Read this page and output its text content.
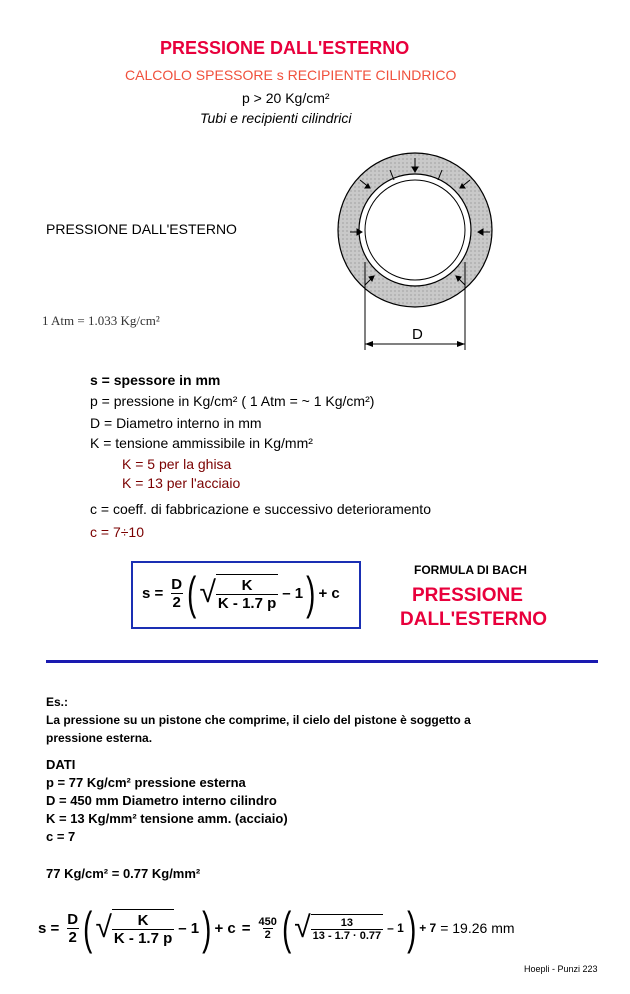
PRESSIONE DALL'ESTERNO
CALCOLO SPESSORE s RECIPIENTE CILINDRICO
p > 20 Kg/cm²
Tubi e recipienti cilindrici
PRESSIONE DALL'ESTERNO
1 Atm = 1.033 Kg/cm²
D
s = spessore in mm
p = pressione in Kg/cm² ( 1 Atm = ~ 1 Kg/cm²)
D = Diametro interno in mm
K = tensione ammissibile in Kg/mm²
K = 5 per la ghisa
K = 13 per l'acciaio
c = coeff. di fabbricazione e successivo deterioramento
c = 7÷10
$s = \frac{D}{2}$ ( √ $\frac{K}{K - 1.7 p} - 1$ ) + c
FORMULA DI BACH
PRESSIONE
DALL'ESTERNO
Es.:
La pressione su un pistone che comprime, il cielo del pistone è soggetto a
pressione esterna.
DATI
p = 77 Kg/cm² pressione esterna
D = 450 mm Diametro interno cilindro
K = 13 Kg/mm² tensione amm. (acciaio)
c = 7
77 Kg/cm² = 0.77 Kg/mm²
$s = \frac{D}{2}$ ( √ $\frac{K}{K - 1.7 p} - 1$ ) + $c = \frac{450}{2}$ ( √ $\frac{13}{13 - 1.7 \cdot 0.77} - 1$ ) + 7 = 19.26 mm
Hoepli - Punzi 223
